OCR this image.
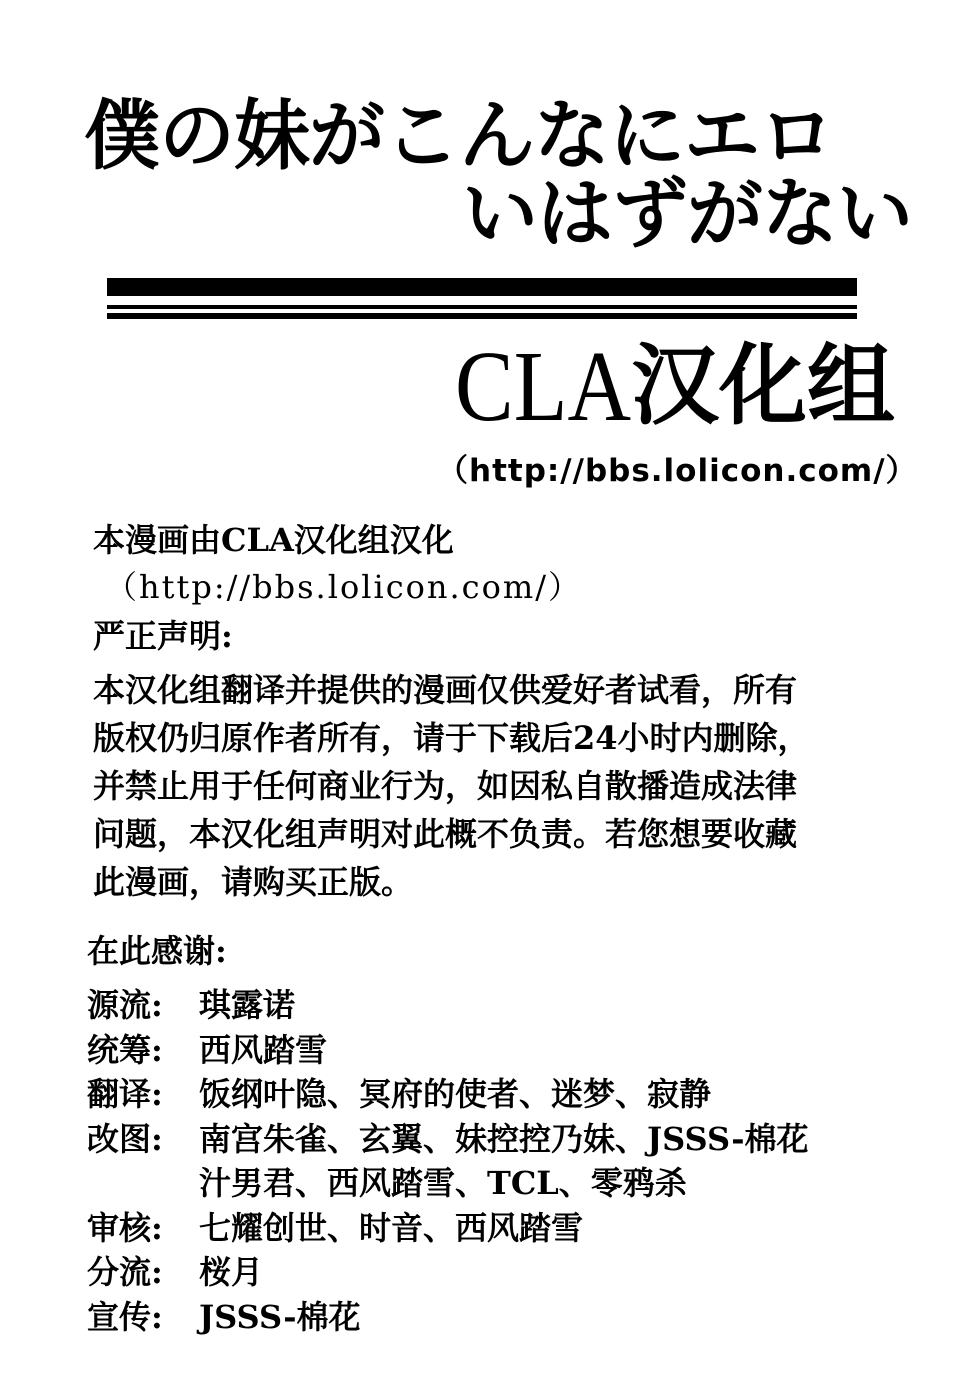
僕の妹がこんなにエロ
いはずがない
CLA汉化组
（http://bbs.lolicon.com/）
本漫画由CLA汉化组汉化
（http://bbs.lolicon.com/）
严正声明:
本汉化组翻译并提供的漫画仅供爱好者试看，所有
版权仍归原作者所有，请于下载后24小时内删除，
并禁止用于任何商业行为，如因私自散播造成法律
问题，本汉化组声明对此概不负责。若您想要收藏
此漫画，请购买正版。
在此感谢:
源流:	琪露诺
统筹:	西风踏雪
翻译:	饭纲叶隐、冥府的使者、迷梦、寂静
改图:	南宫朱雀、玄翼、妹控控乃妹、JSSS-棉花
汁男君、西风踏雪、TCL、零鸦杀
审核:	七耀创世、时音、西风踏雪
分流:	桜月
宣传:	JSSS-棉花
